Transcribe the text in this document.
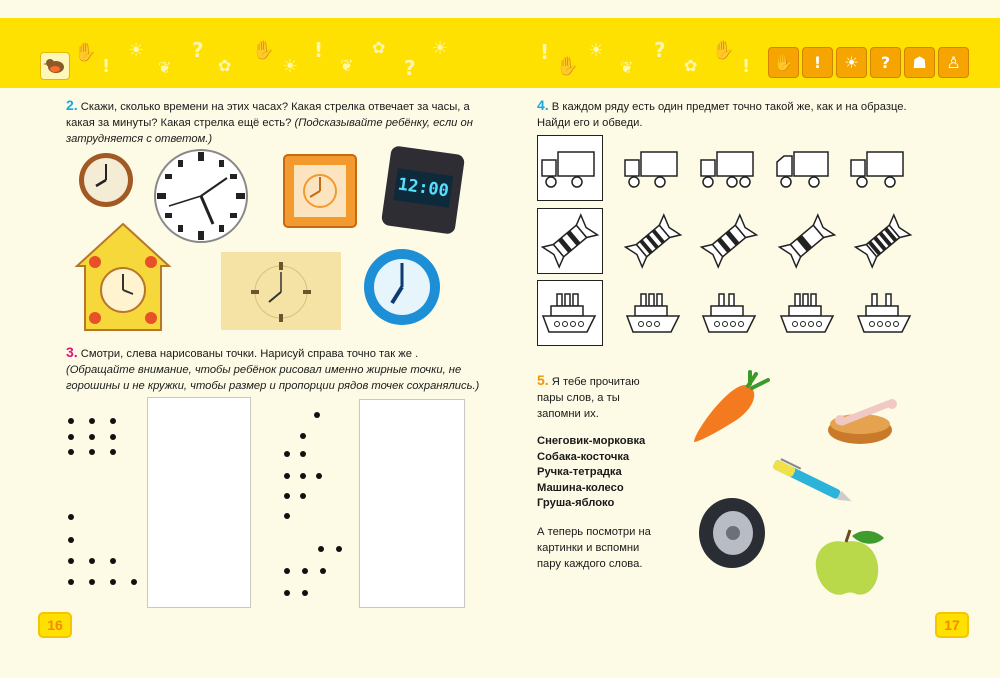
✋
!
☀
❦
?
✿
✋
☀
!
❦
✿
?
☀	!
✋
☀
❦
?
✿
✋
!	✋	!	☀	?	☗	♙
2. Скажи, сколько времени на этих часах? Какая стрелка отвечает за часы, а какая за минуты? Какая стрелка ещё есть? (Подсказывайте ребёнку, если он затрудняется с ответом.)
12:00
3. Смотри, слева нарисованы точки. Нарисуй справа точно так же . (Обращайте внимание, чтобы ребёнок рисовал именно жирные точки, не горошины и не кружки, чтобы размер и пропорции рядов точек сохранялись.)
16
4. В каждом ряду есть один предмет точно такой же, как и на образце. Найди его и обведи.
5. Я тебе прочитаю пары слов, а ты запомни их.
Снеговик-морковка
Собака-косточка
Ручка-тетрадка
Машина-колесо
Груша-яблоко
А теперь посмотри на картинки и вспомни пару каждого слова.
17
